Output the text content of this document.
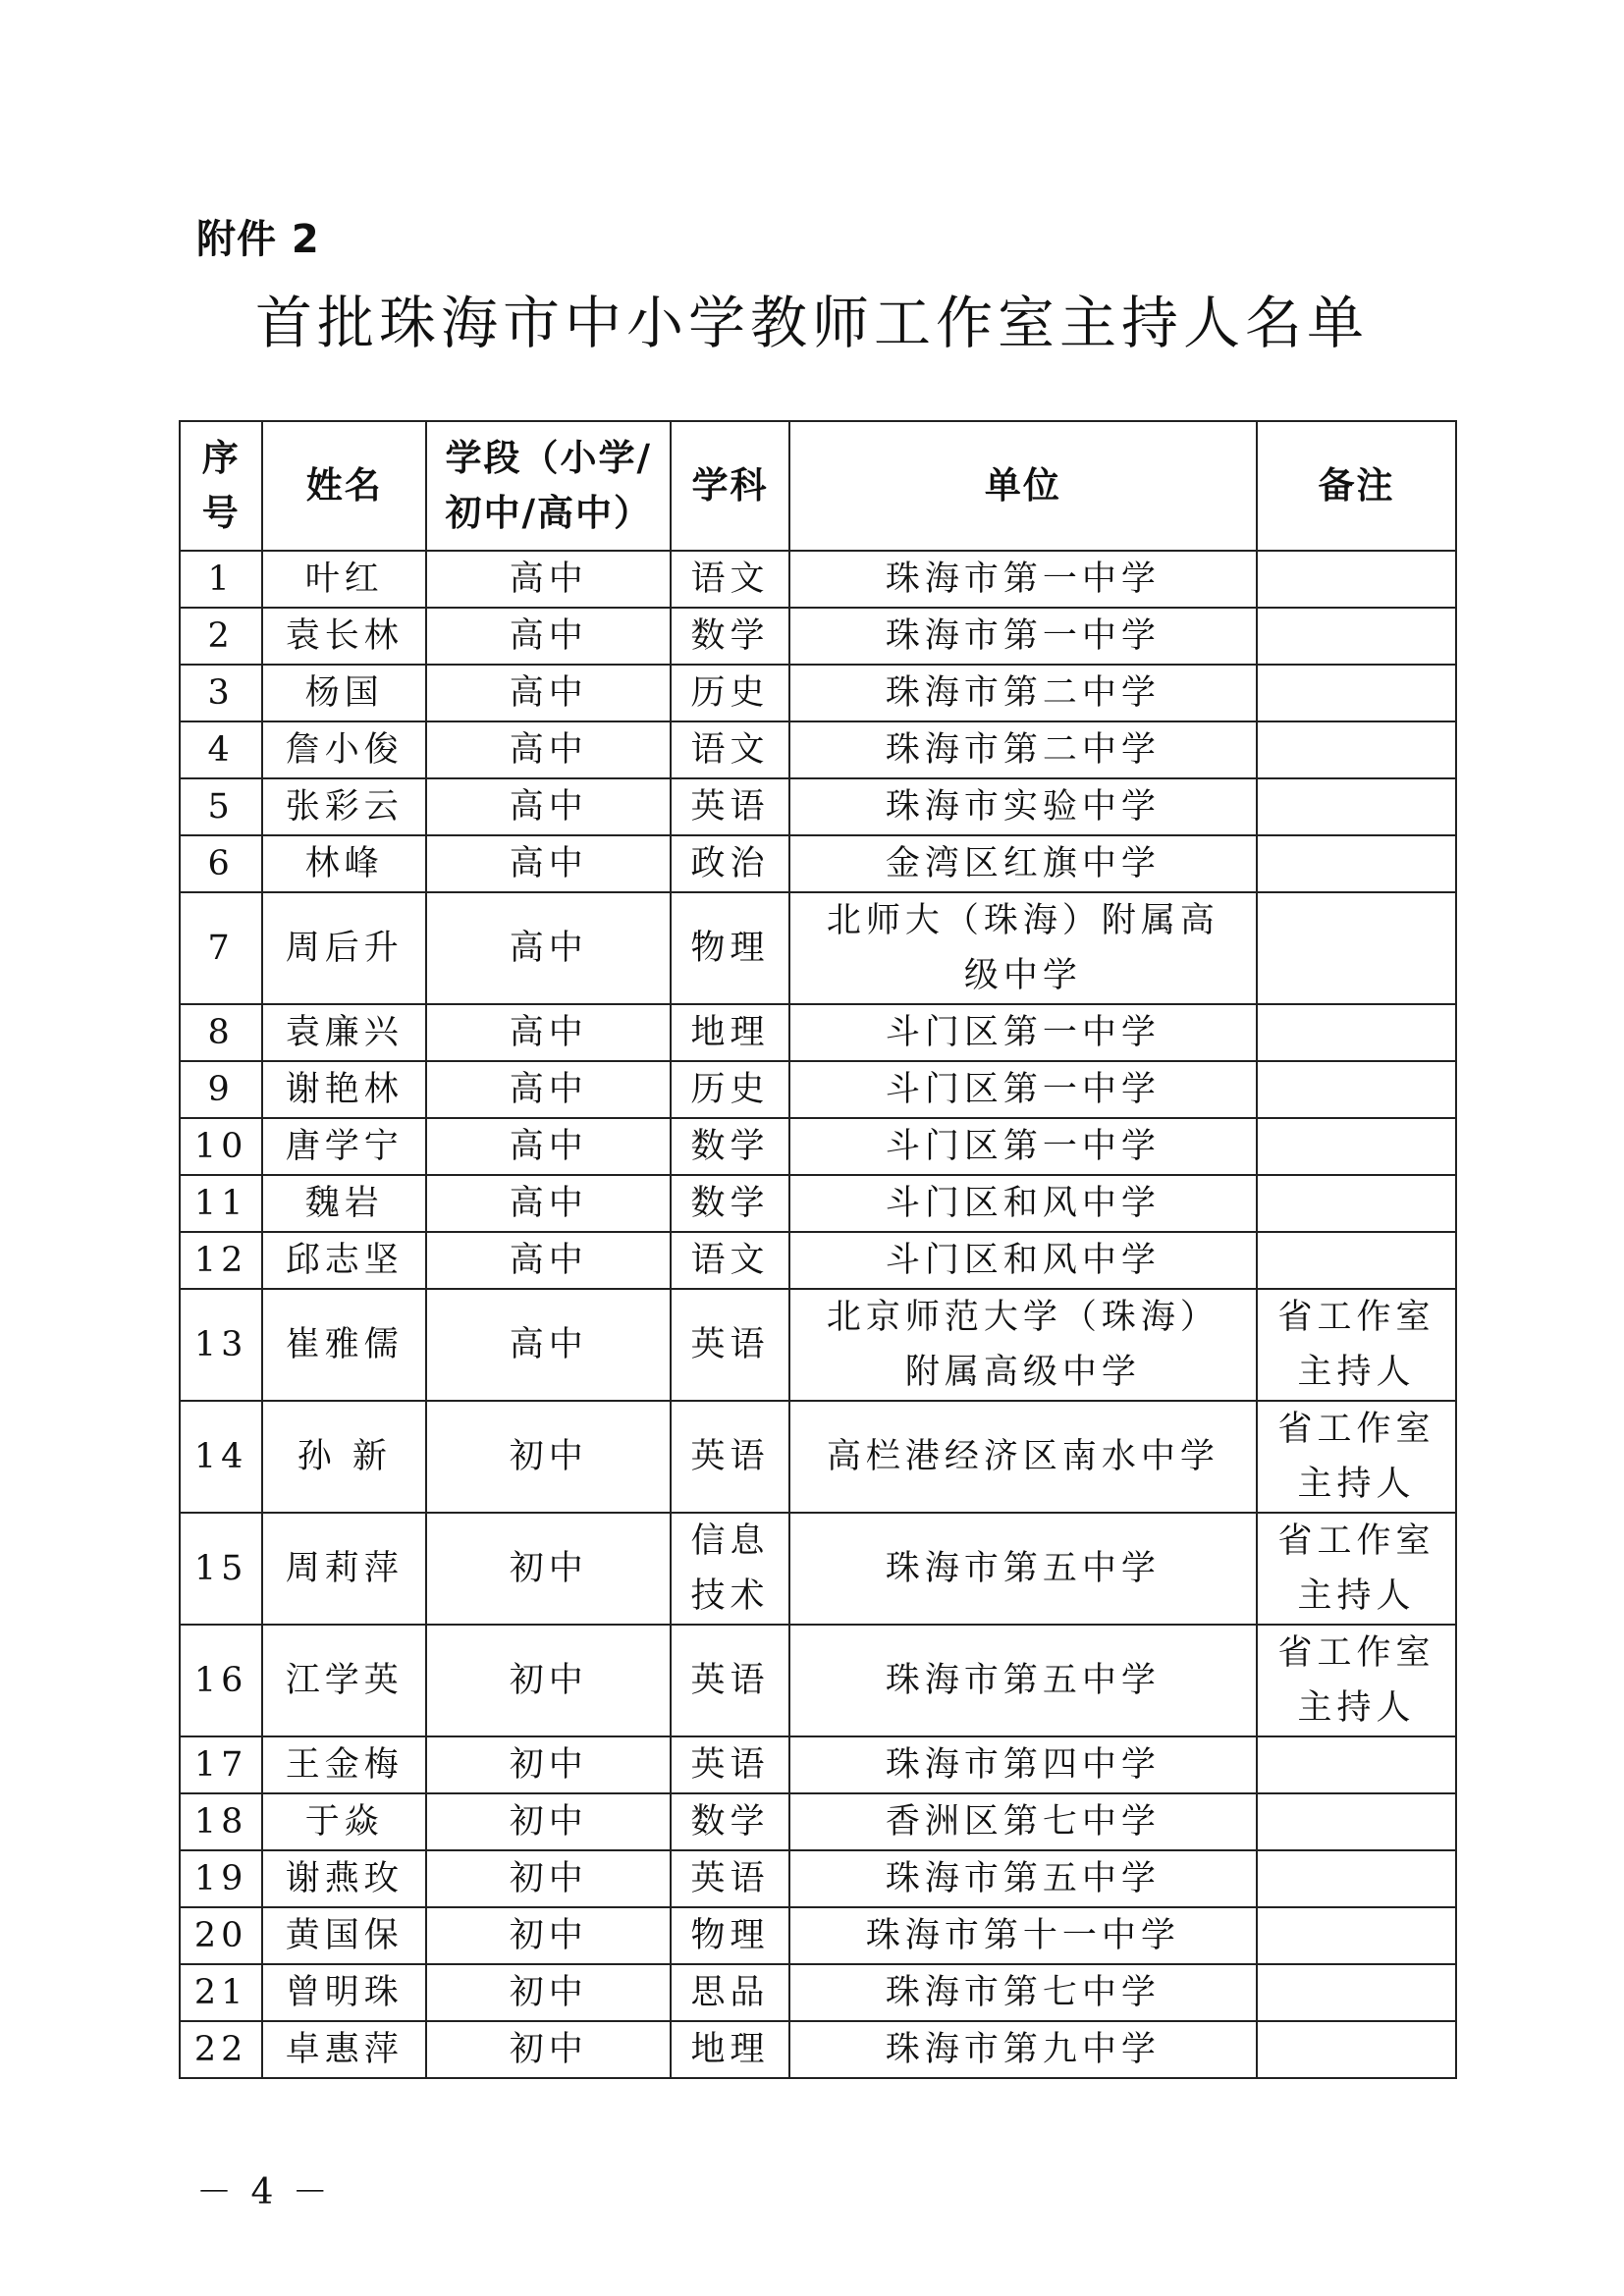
附件 2
首批珠海市中小学教师工作室主持人名单
序号	姓名	学段（小学/初中/高中）	学科	单位	备注
1	叶红	高中	语文	珠海市第一中学	
2	袁长林	高中	数学	珠海市第一中学	
3	杨国	高中	历史	珠海市第二中学	
4	詹小俊	高中	语文	珠海市第二中学	
5	张彩云	高中	英语	珠海市实验中学	
6	林峰	高中	政治	金湾区红旗中学	
7	周后升	高中	物理	北师大（珠海）附属高级中学	
8	袁廉兴	高中	地理	斗门区第一中学	
9	谢艳林	高中	历史	斗门区第一中学	
10	唐学宁	高中	数学	斗门区第一中学	
11	魏岩	高中	数学	斗门区和风中学	
12	邱志坚	高中	语文	斗门区和风中学	
13	崔雅儒	高中	英语	北京师范大学（珠海）附属高级中学	省工作室主持人
14	孙 新	初中	英语	高栏港经济区南水中学	省工作室主持人
15	周莉萍	初中	信息技术	珠海市第五中学	省工作室主持人
16	江学英	初中	英语	珠海市第五中学	省工作室主持人
17	王金梅	初中	英语	珠海市第四中学	
18	于焱	初中	数学	香洲区第七中学	
19	谢燕玫	初中	英语	珠海市第五中学	
20	黄国保	初中	物理	珠海市第十一中学	
21	曾明珠	初中	思品	珠海市第七中学	
22	卓惠萍	初中	地理	珠海市第九中学	
－ 4 －
